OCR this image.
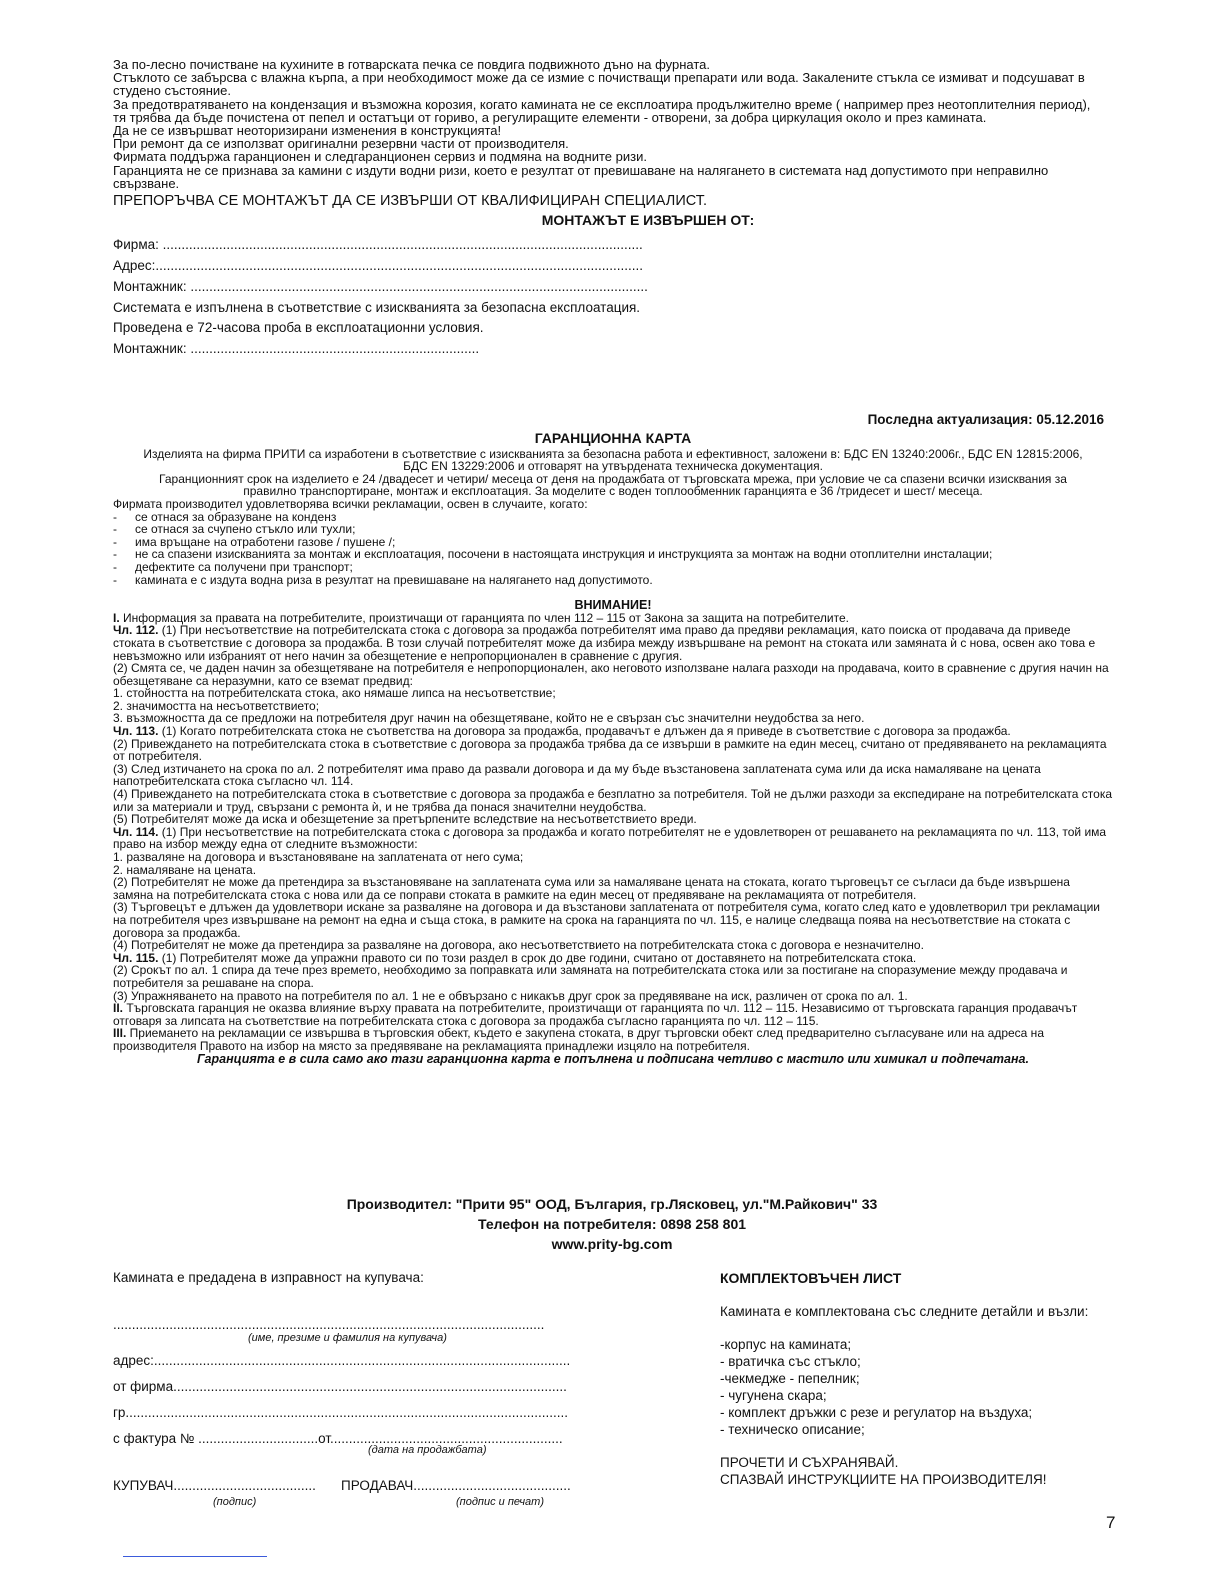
За по-лесно почистване на кухините в готварската печка се повдига подвижното дъно на фурната.
Стъклото се забърсва с влажна кърпа, а при необходимост може да се измие с почистващи препарати или вода. Закалените стъкла се измиват и подсушават в студено състояние.
За предотвратяването на кондензация и възможна корозия, когато камината не се експлоатира продължително време ( например през неотоплителния период), тя трябва да бъде почистена от пепел и остатъци от гориво, а регулиращите елементи - отворени, за добра циркулация около и през камината.
Да не се извършват неоторизирани изменения в конструкцията!
При ремонт да се използват оригинални резервни части от производителя.
Фирмата поддържа гаранционен и следгаранционен сервиз и подмяна на водните ризи.
Гаранцията не се признава за камини с издути водни ризи, което е резултат от превишаване на налягането в системата над допустимото при неправилно свързване.
ПРЕПОРЪЧВА СЕ МОНТАЖЪТ ДА СЕ ИЗВЪРШИ ОТ КВАЛИФИЦИРАН СПЕЦИАЛИСТ.
МОНТАЖЪТ Е ИЗВЪРШЕН ОТ:
Фирма: ................................................................................................................................
Адрес:..................................................................................................................................
Монтажник: ..........................................................................................................................
Системата е изпълнена в съответствие с изискванията за безопасна експлоатация.
Проведена е 72-часова проба в експлоатационни условия.
Монтажник: .............................................................................
Последна актуализация: 05.12.2016
ГАРАНЦИОННА КАРТА
Изделията на фирма ПРИТИ са изработени в съответствие с изискванията за безопасна работа и ефективност, заложени в: БДС EN 13240:2006г., БДС EN 12815:2006, БДС EN 13229:2006 и отговарят на утвърдената техническа документация.
Гаранционният срок на изделието е 24 /двадесет и четири/ месеца от деня на продажбата от търговската мрежа, при условие че са спазени всички изисквания за правилно транспортиране, монтаж и експлоатация. За моделите с воден топлообменник гаранцията е 36 /тридесет и шест/ месеца.
Фирмата производител удовлетворява всички рекламации, освен в случаите, когато:
- се отнася за образуване на конденз
- се отнася за счупено стъкло или тухли;
- има връщане на отработени газове / пушене /;
- не са спазени изискванията за монтаж и експлоатация, посочени в настоящата инструкция и инструкцията за монтаж на водни отоплителни инсталации;
- дефектите са получени при транспорт;
- камината е с издута водна риза в резултат на превишаване на налягането над допустимото.
ВНИМАНИЕ!
I. Информация за правата на потребителите, произтичащи от гаранцията по член 112 – 115 от Закона за защита на потребителите.
Чл. 112. (1) При несъответствие на потребителската стока с договора за продажба потребителят има право да предяви рекламация, като поиска от продавача да приведе стоката в съответствие с договора за продажба. В този случай потребителят може да избира между извършване на ремонт на стоката или замяната ѝ с нова, освен ако това е невъзможно или избраният от него начин за обезщетение е непропорционален в сравнение с другия.
(2) Смята се, че даден начин за обезщетяване на потребителя е непропорционален, ако неговото използване налага разходи на продавача, които в сравнение с другия начин на обезщетяване са неразумни, като се вземат предвид:
1. стойността на потребителската стока, ако нямаше липса на несъответствие;
2. значимостта на несъответствието;
3. възможността да се предложи на потребителя друг начин на обезщетяване, който не е свързан със значителни неудобства за него.
Чл. 113. (1) Когато потребителската стока не съответства на договора за продажба, продавачът е длъжен да я приведе в съответствие с договора за продажба.
(2) Привеждането на потребителската стока в съответствие с договора за продажба трябва да се извърши в рамките на един месец, считано от предявяването на рекламацията от потребителя.
(3) След изтичането на срока по ал. 2 потребителят има право да развали договора и да му бъде възстановена заплатената сума или да иска намаляване на цената напотребителската стока съгласно чл. 114.
(4) Привеждането на потребителската стока в съответствие с договора за продажба е безплатно за потребителя. Той не дължи разходи за експедиране на потребителската стока или за материали и труд, свързани с ремонта ѝ, и не трябва да понася значителни неудобства.
(5) Потребителят може да иска и обезщетение за претърпените вследствие на несъответствието вреди.
Чл. 114. (1) При несъответствие на потребителската стока с договора за продажба и когато потребителят не е удовлетворен от решаването на рекламацията по чл. 113, той има право на избор между една от следните възможности:
1. разваляне на договора и възстановяване на заплатената от него сума;
2. намаляване на цената.
(2) Потребителят не може да претендира за възстановяване на заплатената сума или за намаляване цената на стоката, когато търговецът се съгласи да бъде извършена замяна на потребителската стока с нова или да се поправи стоката в рамките на един месец от предявяване на рекламацията от потребителя.
(3) Търговецът е длъжен да удовлетвори искане за разваляне на договора и да възстанови заплатената от потребителя сума, когато след като е удовлетворил три рекламации на потребителя чрез извършване на ремонт на една и съща стока, в рамките на срока на гаранцията по чл. 115, е налице следваща поява на несъответствие на стоката с договора за продажба.
(4) Потребителят не може да претендира за разваляне на договора, ако несъответствието на потребителската стока с договора е незначително.
Чл. 115. (1) Потребителят може да упражни правото си по този раздел в срок до две години, считано от доставянето на потребителската стока.
(2) Срокът по ал. 1 спира да тече през времето, необходимо за поправката или замяната на потребителската стока или за постигане на споразумение между продавача и потребителя за решаване на спора.
(3) Упражняването на правото на потребителя по ал. 1 не е обвързано с никакъв друг срок за предявяване на иск, различен от срока по ал. 1.
II. Търговската гаранция не оказва влияние върху правата на потребителите, произтичащи от гаранцията по чл. 112 – 115. Независимо от търговската гаранция продавачът отговаря за липсата на съответствие на потребителската стока с договора за продажба съгласно гаранцията по чл. 112 – 115.
III. Приемането на рекламации се извършва в търговския обект, където е закупена стоката, в друг търговски обект след предварително съгласуване или на адреса на производителя Правото на избор на място за предявяване на рекламацията принадлежи изцяло на потребителя.
Гаранцията е в сила само ако тази гаранционна карта е попълнена и подписана четливо с мастило или химикал и подпечатана.
Производител: "Прити 95" ООД, България, гр.Лясковец, ул."М.Райкович" 33
Телефон на потребителя: 0898 258 801
www.prity-bg.com
Камината е предадена в изправност на купувача:
...................................................................................................................
(име, презиме и фамилия на купувача)
адрес:...............................................................................................................
от фирма.........................................................................................................
гр......................................................................................................................
с фактура № ................................от..............................................................
(дата на продажбата)
КУПУВАЧ...................................... ПРОДАВАЧ..........................................
(подпис)	(подпис и печат)
КОМПЛЕКТОВЪЧЕН ЛИСТ
Камината е комплектована със следните детайли и възли:
-корпус на камината;
- вратичка със стъкло;
-чекмедже - пепелник;
- чугунена скара;
- комплект дръжки с резе и регулатор на въздуха;
- техническо описание;
ПРОЧЕТИ И СЪХРАНЯВАЙ.
СПАЗВАЙ ИНСТРУКЦИИТЕ НА ПРОИЗВОДИТЕЛЯ!
7
